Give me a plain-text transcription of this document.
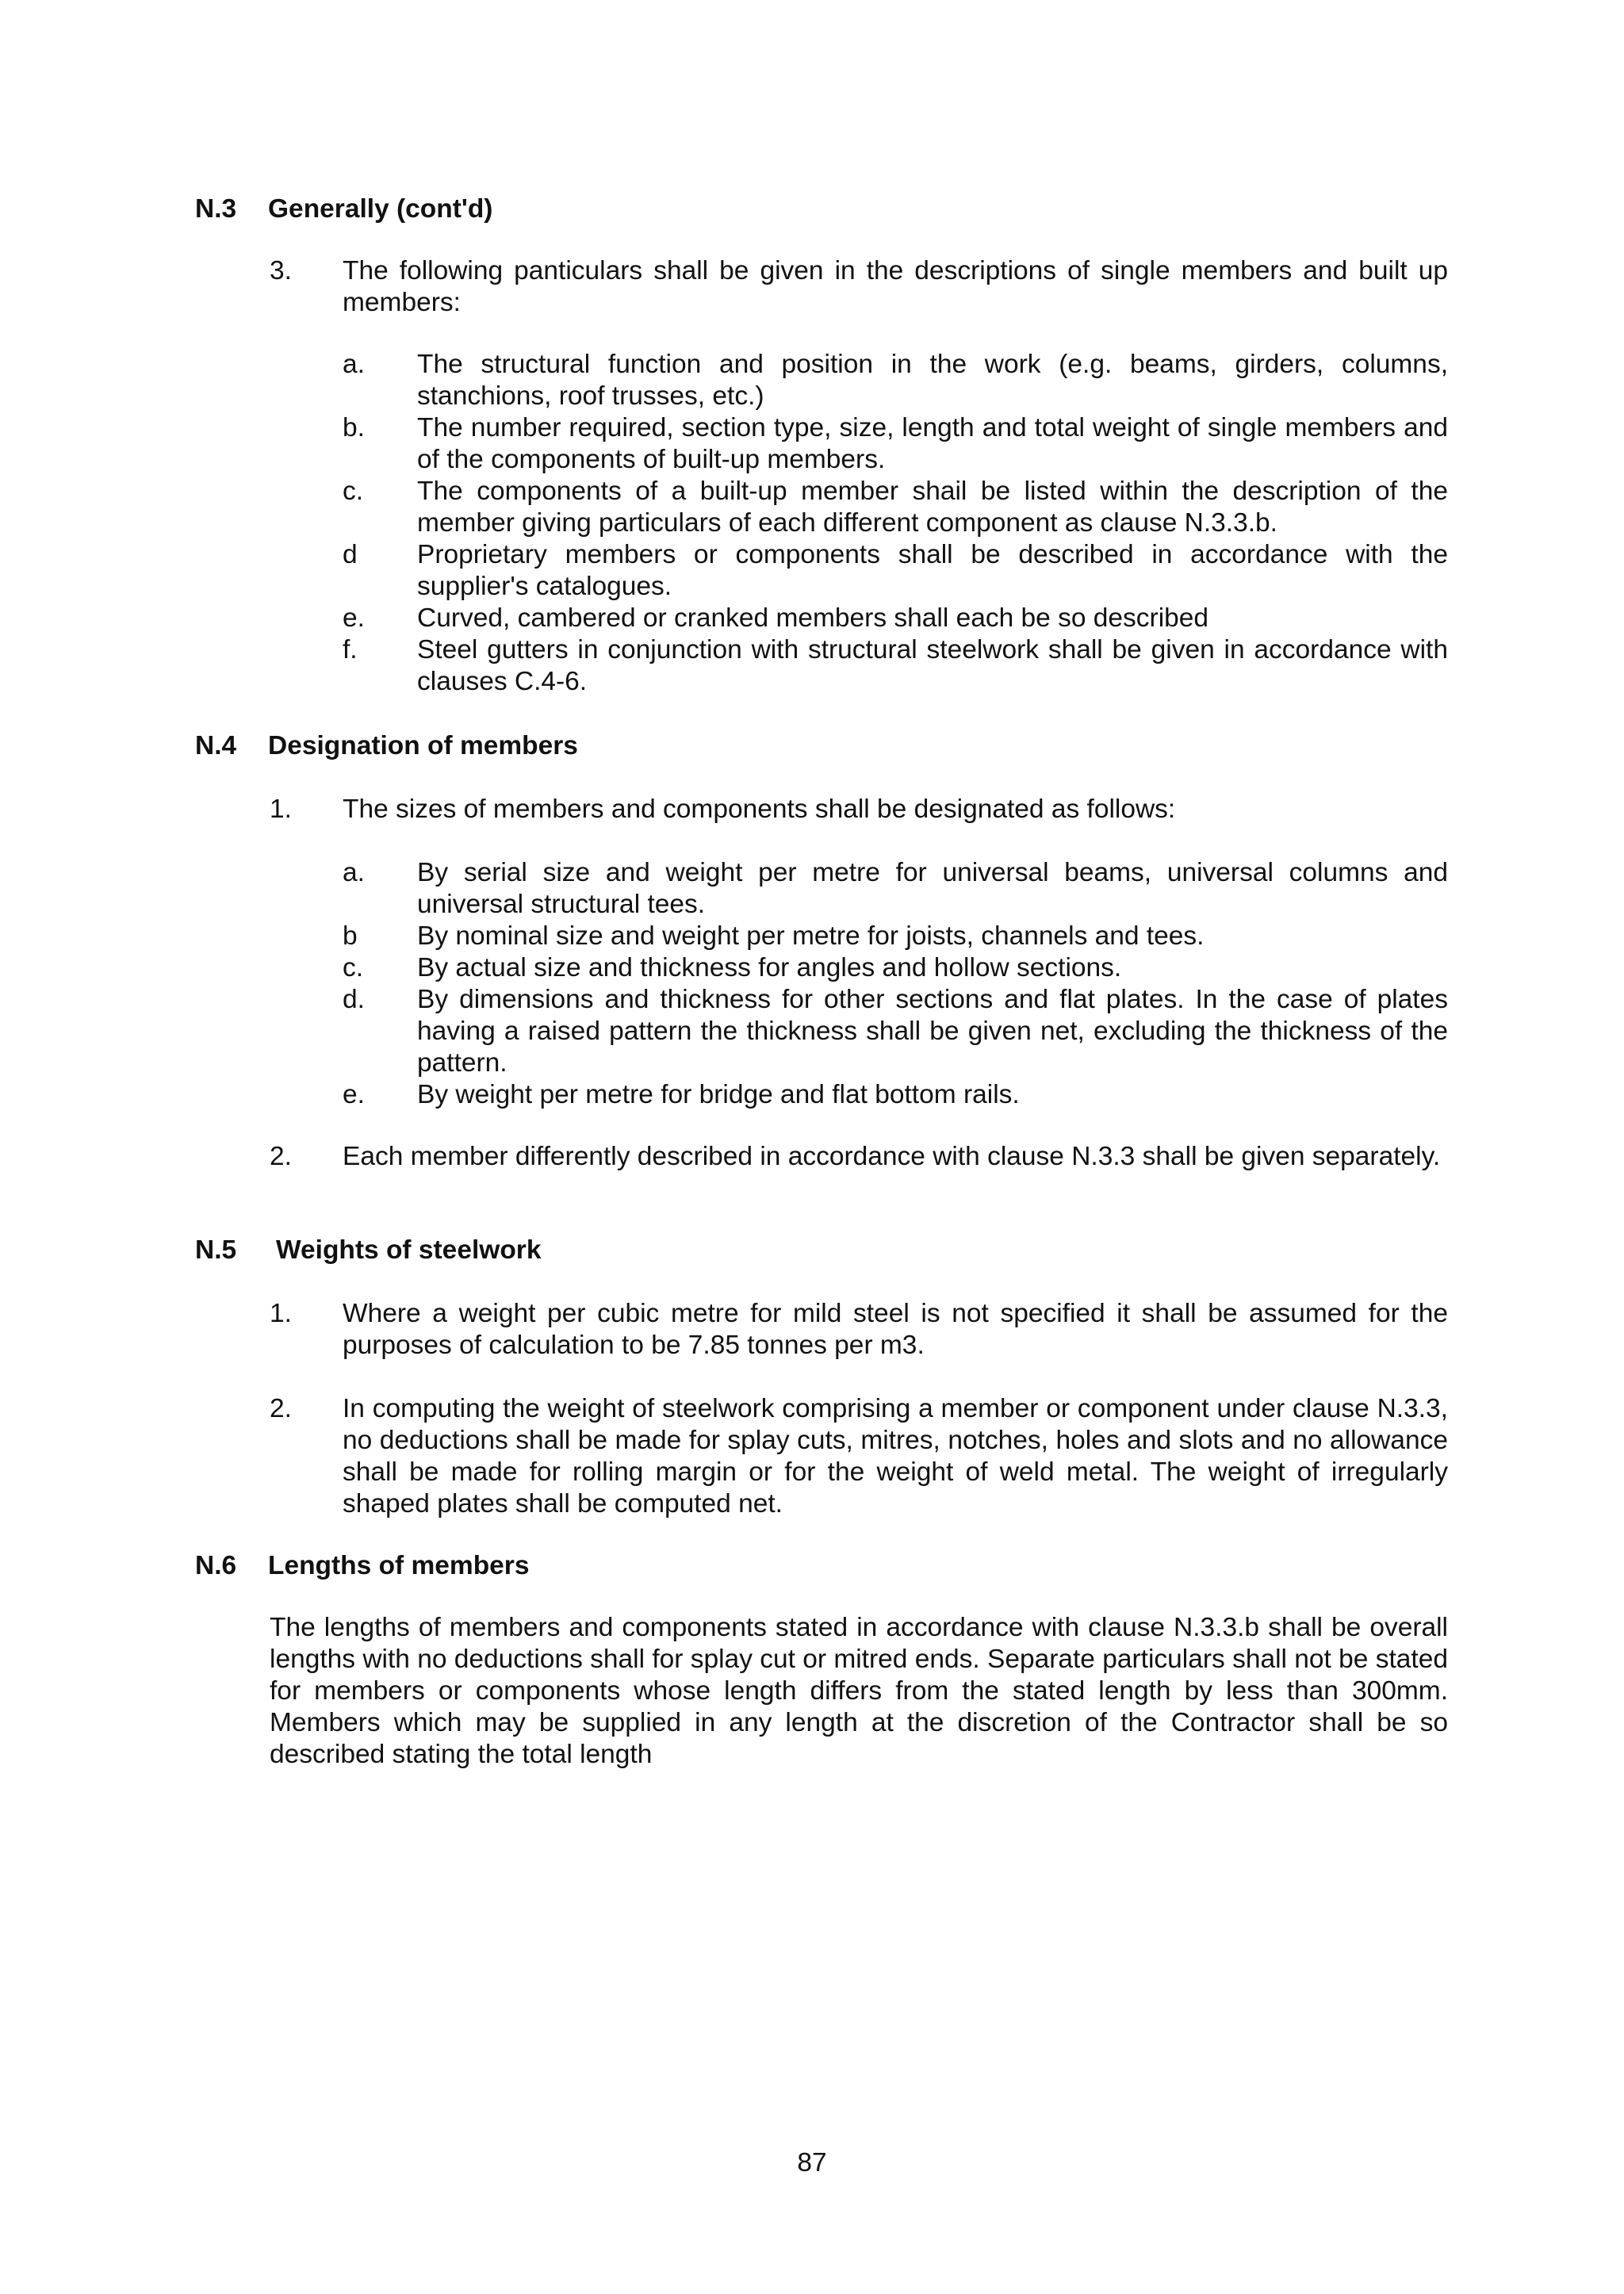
N.3	Generally (cont'd)
3.	The following panticulars shall be given in the descriptions of single members and built up members:
a.	The structural function and position in the work (e.g. beams, girders, columns, stanchions, roof trusses, etc.)
b.	The number required, section type, size, length and total weight of single members and of the components of built-up members.
c.	The components of a built-up member shail be listed within the description of the member giving particulars of each different component as clause N.3.3.b.
d	Proprietary members or components shall be described in accordance with the supplier's catalogues.
e.	Curved, cambered or cranked members shall each be so described
f.	Steel gutters in conjunction with structural steelwork shall be given in accordance with clauses C.4-6.
N.4	Designation of members
1.	The sizes of members and components shall be designated as follows:
a.	By serial size and weight per metre for universal beams, universal columns and universal structural tees.
b	By nominal size and weight per metre for joists, channels and tees.
c.	By actual size and thickness for angles and hollow sections.
d.	By dimensions and thickness for other sections and flat plates. In the case of plates having a raised pattern the thickness shall be given net, excluding the thickness of the pattern.
e.	By weight per metre for bridge and flat bottom rails.
2.	Each member differently described in accordance with clause N.3.3 shall be given separately.
N.5	Weights of steelwork
1.	Where a weight per cubic metre for mild steel is not specified it shall be assumed for the purposes of calculation to be 7.85 tonnes per m3.
2.	In computing the weight of steelwork comprising a member or component under clause N.3.3, no deductions shall be made for splay cuts, mitres, notches, holes and slots and no allowance shall be made for rolling margin or for the weight of weld metal. The weight of irregularly shaped plates shall be computed net.
N.6	Lengths of members
The lengths of members and components stated in accordance with clause N.3.3.b shall be overall lengths with no deductions shall for splay cut or mitred ends. Separate particulars shall not be stated for members or components whose length differs from the stated length by less than 300mm. Members which may be supplied in any length at the discretion of the Contractor shall be so described stating the total length
87
